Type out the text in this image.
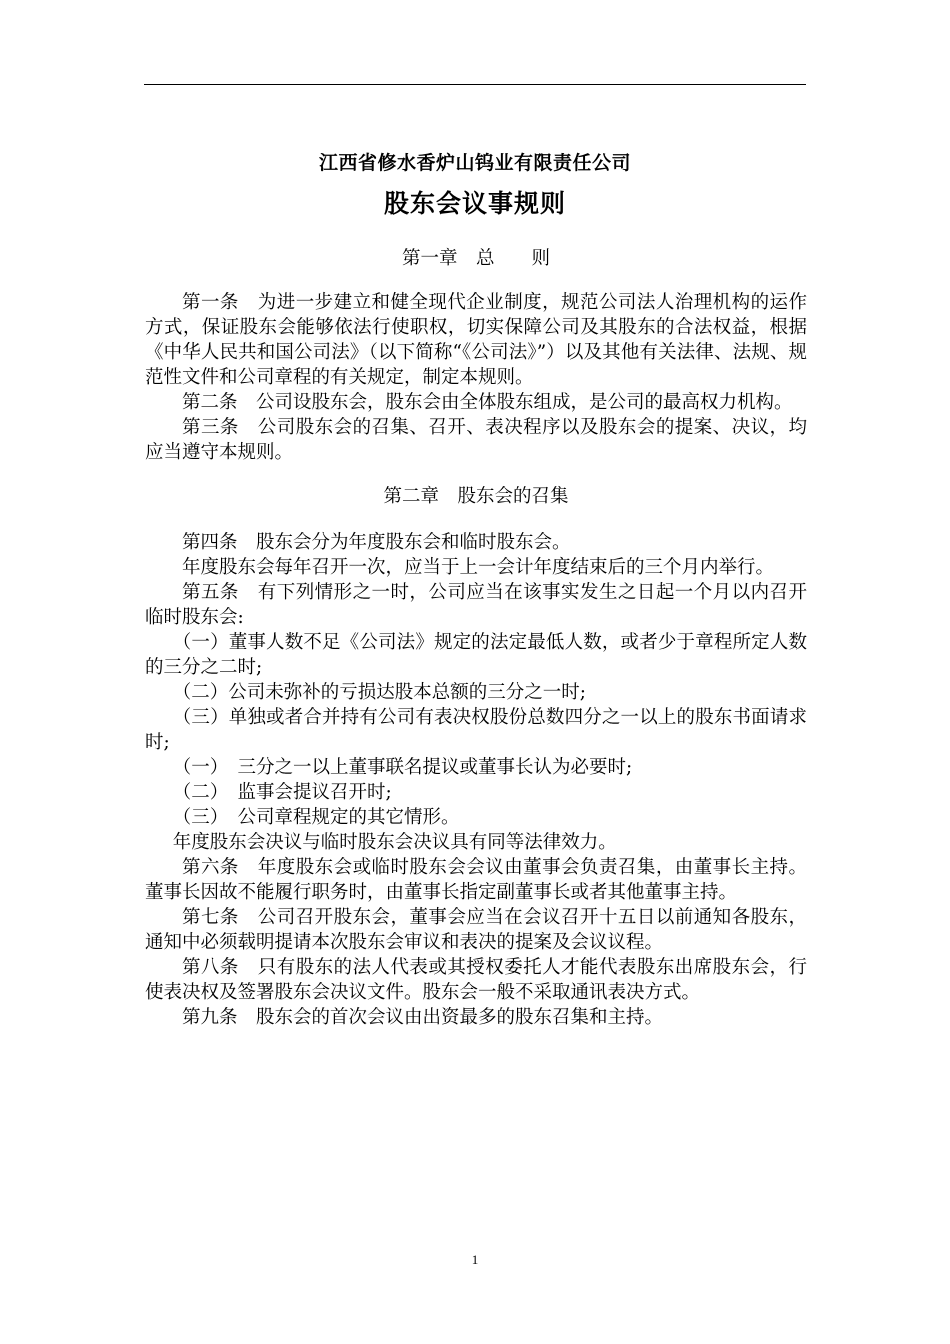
江西省修水香炉山钨业有限责任公司
股东会议事规则

第一章　总　　则

第一条　为进一步建立和健全现代企业制度，规范公司法人治理机构的运作方式，保证股东会能够依法行使职权，切实保障公司及其股东的合法权益，根据《中华人民共和国公司法》（以下简称“《公司法》”）以及其他有关法律、法规、规范性文件和公司章程的有关规定，制定本规则。

第二条　公司设股东会，股东会由全体股东组成，是公司的最高权力机构。

第三条　公司股东会的召集、召开、表决程序以及股东会的提案、决议，均应当遵守本规则。

第二章　股东会的召集

第四条　股东会分为年度股东会和临时股东会。

年度股东会每年召开一次，应当于上一会计年度结束后的三个月内举行。

第五条　有下列情形之一时，公司应当在该事实发生之日起一个月以内召开临时股东会:

（一）董事人数不足《公司法》规定的法定最低人数，或者少于章程所定人数的三分之二时;

（二）公司未弥补的亏损达股本总额的三分之一时;

（三）单独或者合并持有公司有表决权股份总数四分之一以上的股东书面请求时;

（一）　三分之一以上董事联名提议或董事长认为必要时;

（二）　监事会提议召开时;

（三）　公司章程规定的其它情形。

年度股东会决议与临时股东会决议具有同等法律效力。

第六条　年度股东会或临时股东会会议由董事会负责召集，由董事长主持。董事长因故不能履行职务时，由董事长指定副董事长或者其他董事主持。

第七条　公司召开股东会，董事会应当在会议召开十五日以前通知各股东，通知中必须载明提请本次股东会审议和表决的提案及会议议程。

第八条　只有股东的法人代表或其授权委托人才能代表股东出席股东会，行使表决权及签署股东会决议文件。股东会一般不采取通讯表决方式。

第九条　股东会的首次会议由出资最多的股东召集和主持。

1
